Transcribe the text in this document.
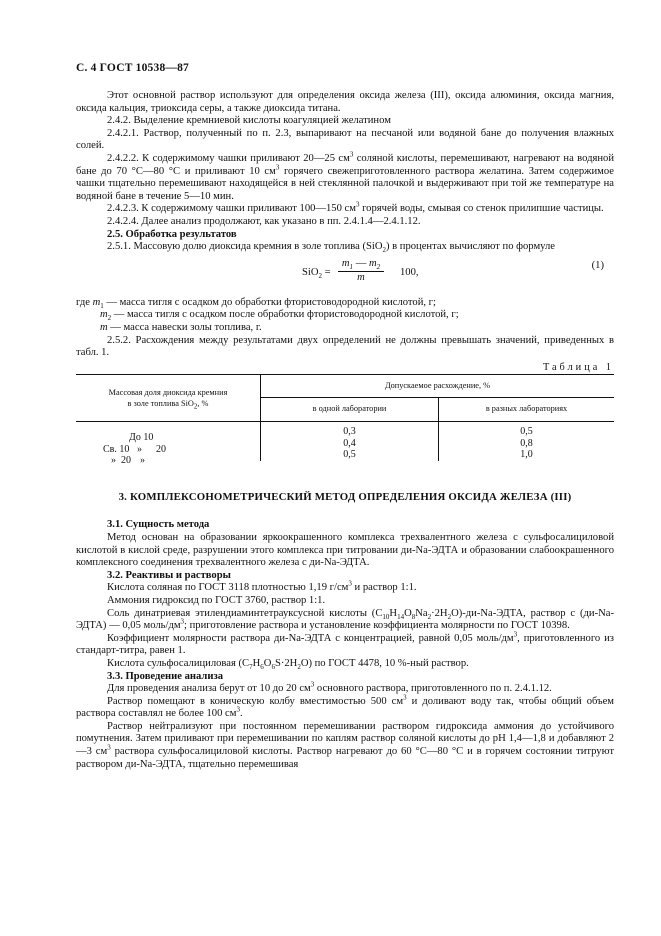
С. 4 ГОСТ 10538—87

Этот основной раствор используют для определения оксида железа (III), оксида алюминия, оксида магния, оксида кальция, триоксида серы, а также диоксида титана.

2.4.2. Выделение кремниевой кислоты коагуляцией желатином

2.4.2.1. Раствор, полученный по п. 2.3, выпаривают на песчаной или водяной бане до получения влажных солей.

2.4.2.2. К содержимому чашки приливают 20—25 $см^3$ соляной кислоты, перемешивают, нагревают на водяной бане до 70 °С—80 °С и приливают 10 $см^3$ горячего свежеприготовленного раствора желатина. Затем содержимое чашки тщательно перемешивают находящейся в ней стеклянной палочкой и выдерживают при той же температуре на водяной бане в течение 5—10 мин.

2.4.2.3. К содержимому чашки приливают 100—150 $см^3$ горячей воды, смывая со стенок прилипшие частицы.

2.4.2.4. Далее анализ продолжают, как указано в пп. 2.4.1.4—2.4.1.12.

2.5. Обработка результатов

2.5.1. Массовую долю диоксида кремния в золе топлива (SiO$_2$) в процентах вычисляют по формуле

$SiO_2 = \frac{m_1 — m_2}{m} 100$,
(1)

где $m_1$ — масса тигля с осадком до обработки фтористоводородной кислотой, г;

$m_2$ — масса тигля с осадком после обработки фтористоводородной кислотой, г;

m — масса навески золы топлива, г.

2.5.2. Расхождения между результатами двух определений не должны превышать значений, приведенных в табл. 1.

Таблица 1
Массовая доля диоксида кремния
в золе топлива SiO$_2$, %	Допускаемое расхождение, %	
	в одной лаборатории	в разных лабораториях

До 10	0,3	0,5

Св. 10 » 20	0,4	0,8

» 20 »	0,5	1,0
3. КОМПЛЕКСОНОМЕТРИЧЕСКИЙ МЕТОД ОПРЕДЕЛЕНИЯ ОКСИДА ЖЕЛЕЗА (III)

3.1. Сущность метода

Метод основан на образовании яркоокрашенного комплекса трехвалентного железа с сульфосалициловой кислотой в кислой среде, разрушении этого комплекса при титровании ди-Na-ЭДТА и образовании слабоокрашенного комплексного соединения трехвалентного железа с ди-Na-ЭДТА.

3.2. Реактивы и растворы

Кислота соляная по ГОСТ 3118 плотностью 1,19 $г/см^3$ и раствор 1:1.

Аммония гидроксид по ГОСТ 3760, раствор 1:1.

Соль динатриевая этилендиаминтетрауксусной кислоты $(C_{10}H_{14}O_8Na_2\cdot 2H_2O)-ди-Na$-ЭДТА, раствор с (ди-Na-ЭДТА) — 0,05 моль/$дм^3$; приготовление раствора и установление коэффициента молярности по ГОСТ 10398.

Коэффициент молярности раствора ди-Na-ЭДТА с концентрацией, равной 0,05 моль/$дм^3$, приготовленного из стандарт-титра, равен 1.

Кислота сульфосалициловая $(C_7H_6O_6S\cdot 2H_2O)$ по ГОСТ 4478, 10 %-ный раствор.

3.3. Проведение анализа

Для проведения анализа берут от 10 до 20 $см^3$ основного раствора, приготовленного по п. 2.4.1.12.

Раствор помещают в коническую колбу вместимостью 500 $см^3$ и доливают воду так, чтобы общий объем раствора составлял не более 100 $см^3$.

Раствор нейтрализуют при постоянном перемешивании раствором гидроксида аммония до устойчивого помутнения. Затем приливают при перемешивании по каплям раствор соляной кислоты до pH 1,4—1,8 и добавляют 2—3 $см^3$ раствора сульфосалициловой кислоты. Раствор нагревают до 60 °С—80 °С и в горячем состоянии титруют раствором ди-Na-ЭДТА, тщательно перемешивая
